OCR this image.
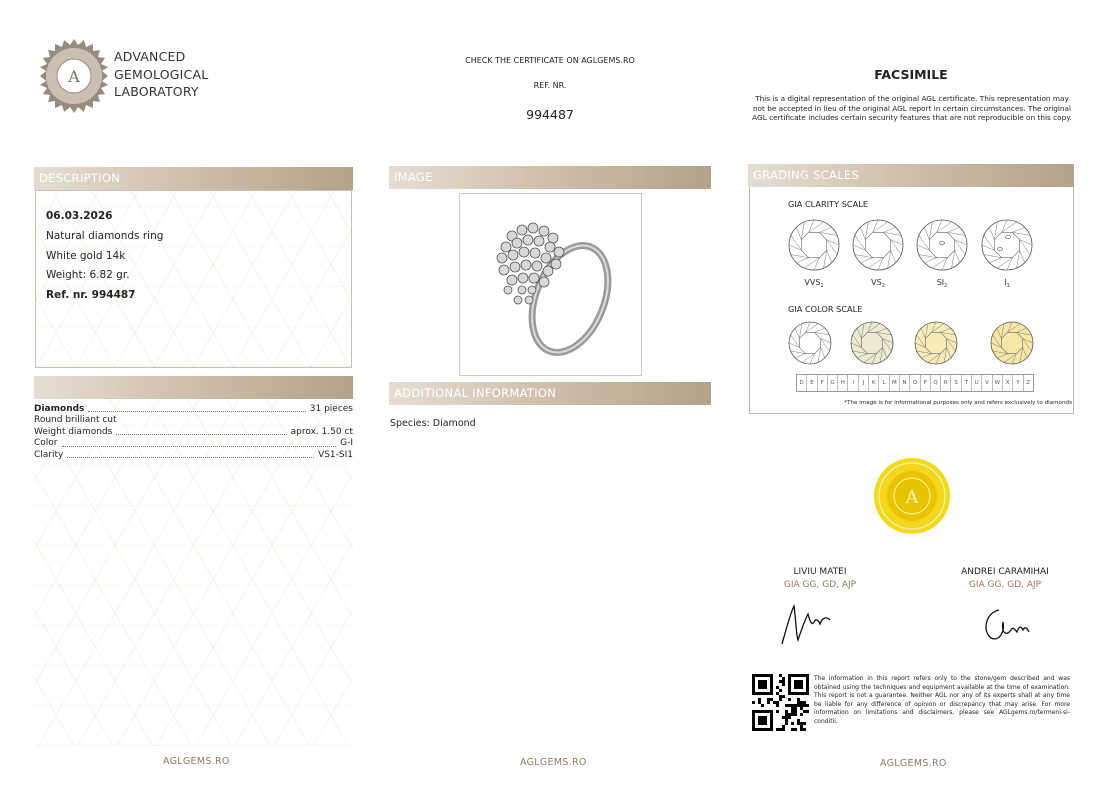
A
ADVANCED
GEMOLOGICAL
LABORATORY
CHECK THE CERTIFICATE ON AGLGEMS.RO
REF. NR.
994487
FACSIMILE
This is a digital representation of the original AGL certificate. This representation may not be accepted in lieu of the original AGL report in certain circumstances. The original AGL certificate includes certain security features that are not reproducible on this copy.
DESCRIPTION
06.03.2026
Natural diamonds ring
White gold 14k
Weight: 6.82 gr.
Ref. nr. 994487
Diamonds	31 pieces
Round brilliant cut
Weight diamonds	aprox. 1.50 ct
Color	G-I
Clarity	VS1-SI1
IMAGE
ADDITIONAL INFORMATION
Species: Diamond
GRADING SCALES
GIA CLARITY SCALE
$VVS_1$	$VS_2$	$SI_2$	$I_1$
GIA COLOR SCALE
D	E	F	G	H	I	J	K	L	M	N	O	P	Q	R	S	T	U	V	W	X	Y	Z
*The image is for informational purposes only and refers exclusively to diamonds
A
LIVIU MATEI
GIA GG, GD, AJP
ANDREI CARAMIHAI
GIA GG, GD, AJP
The information in this report refers only to the stone/gem described and was obtained using the techniques and equipment available at the time of examination. This report is not a guarantee. Neither AGL nor any of its experts shall at any time be liable for any difference of opinion or discrepancy that may arise. For more information on limitations and disclaimers, please see AGLgems.ro/termeni-si-conditii.
AGLGEMS.RO	AGLGEMS.RO	AGLGEMS.RO
